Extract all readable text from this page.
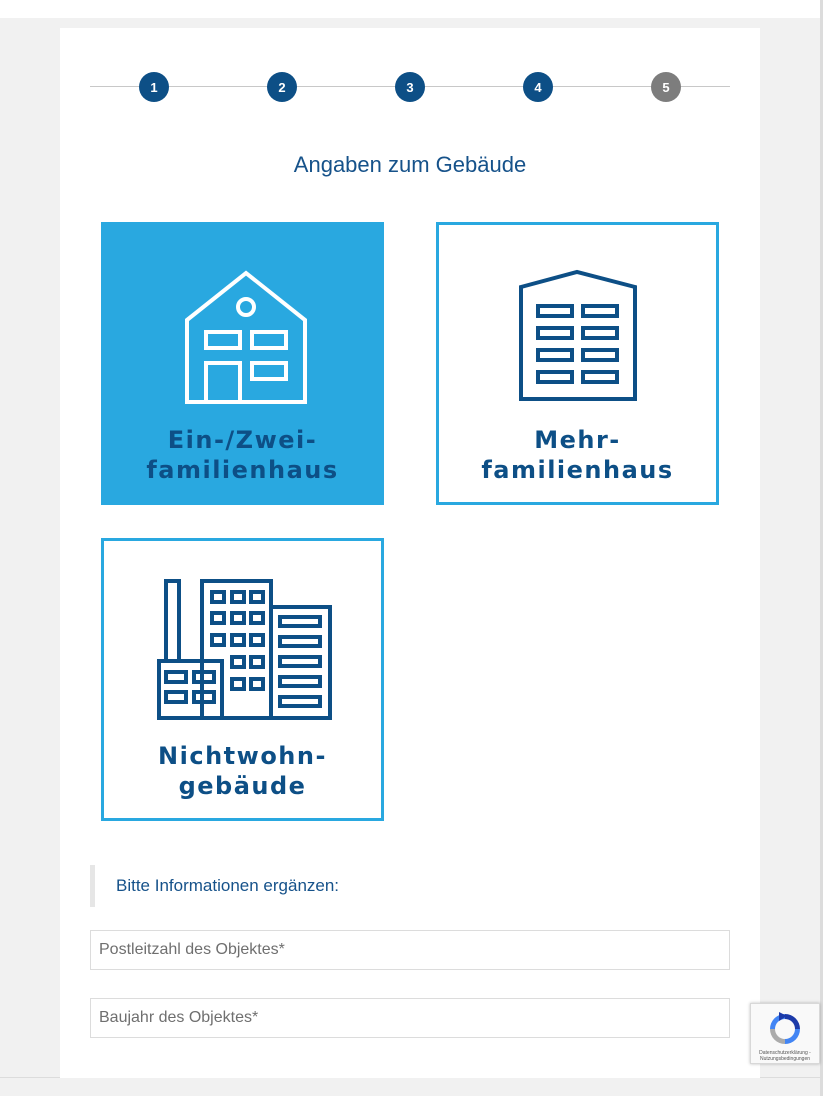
1	2	3	4	5
Angaben zum Gebäude
Ein-/Zwei-
familienhaus
Mehr-
familienhaus
Nichtwohn-
gebäude
Bitte Informationen ergänzen:
Postleitzahl des Objektes*
Baujahr des Objektes*
Datenschutzerklärung - Nutzungsbedingungen
